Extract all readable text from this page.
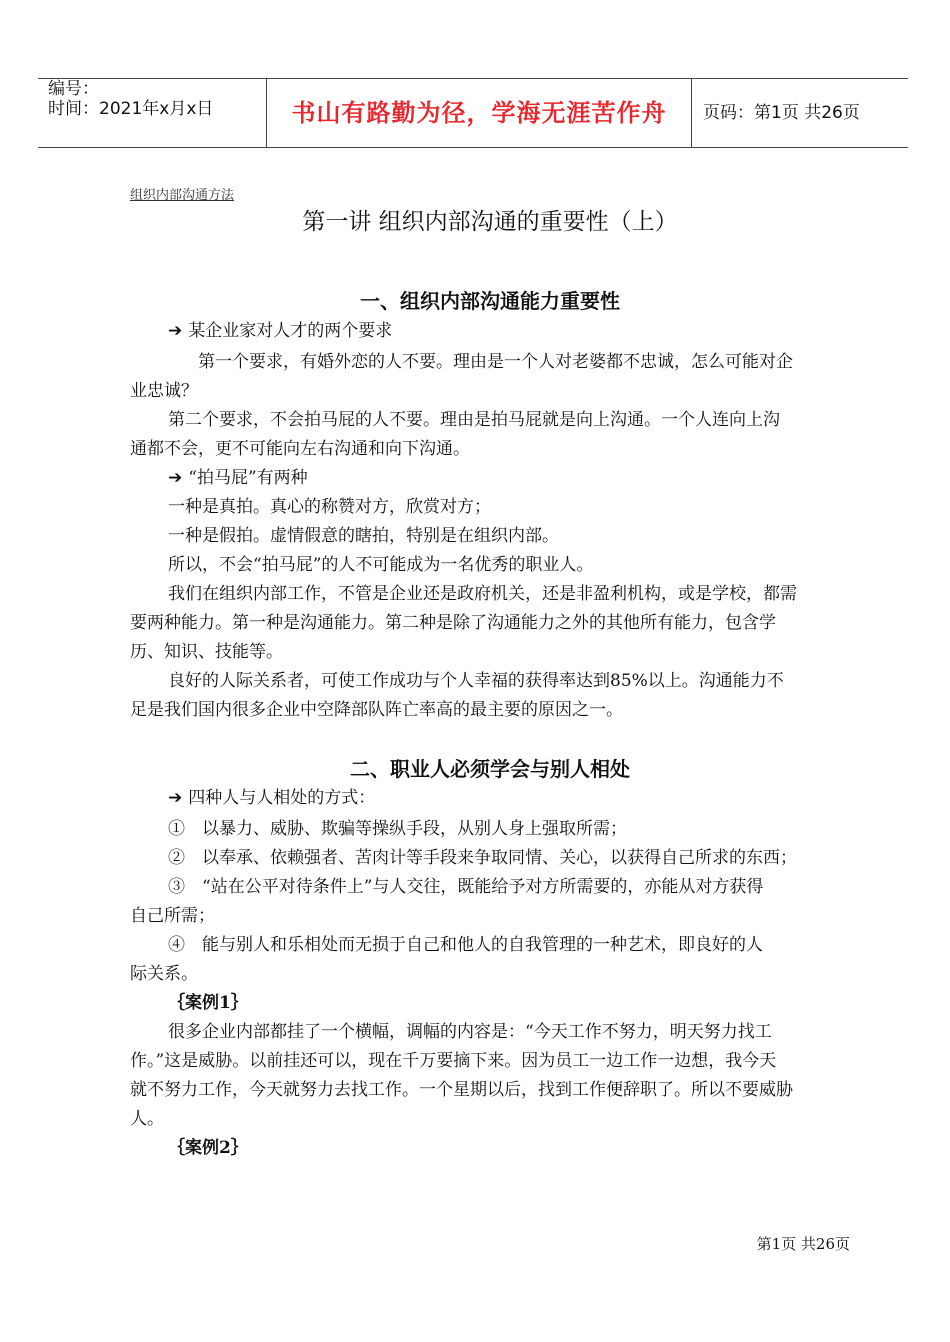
编号：
时间：2021年x月x日	书山有路勤为径，学海无涯苦作舟	页码：第1页 共26页
组织内部沟通方法
第一讲 组织内部沟通的重要性（上）
一、组织内部沟通能力重要性
➔ 某企业家对人才的两个要求
第一个要求，有婚外恋的人不要。理由是一个人对老婆都不忠诚，怎么可能对企
业忠诚？
第二个要求，不会拍马屁的人不要。理由是拍马屁就是向上沟通。一个人连向上沟
通都不会，更不可能向左右沟通和向下沟通。
➔ “拍马屁”有两种
一种是真拍。真心的称赞对方，欣赏对方；
一种是假拍。虚情假意的瞎拍，特别是在组织内部。
所以，不会“拍马屁”的人不可能成为一名优秀的职业人。
我们在组织内部工作，不管是企业还是政府机关，还是非盈利机构，或是学校，都需
要两种能力。第一种是沟通能力。第二种是除了沟通能力之外的其他所有能力，包含学
历、知识、技能等。
良好的人际关系者，可使工作成功与个人幸福的获得率达到85%以上。沟通能力不
足是我们国内很多企业中空降部队阵亡率高的最主要的原因之一。
二、职业人必须学会与别人相处
➔ 四种人与人相处的方式：
①　以暴力、威胁、欺骗等操纵手段，从别人身上强取所需；
②　以奉承、依赖强者、苦肉计等手段来争取同情、关心，以获得自己所求的东西；
③　“站在公平对待条件上”与人交往，既能给予对方所需要的，亦能从对方获得
自己所需；
④　能与别人和乐相处而无损于自己和他人的自我管理的一种艺术，即良好的人
际关系。
｛案例1｝
很多企业内部都挂了一个横幅，调幅的内容是：“今天工作不努力，明天努力找工
作。”这是威胁。以前挂还可以，现在千万要摘下来。因为员工一边工作一边想，我今天
就不努力工作，今天就努力去找工作。一个星期以后，找到工作便辞职了。所以不要威胁
人。
｛案例2｝
第1页 共26页
